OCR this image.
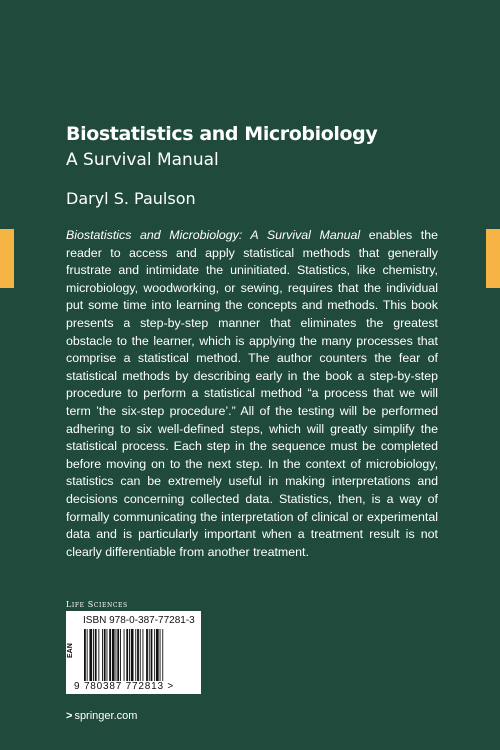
Biostatistics and Microbiology
A Survival Manual
Daryl S. Paulson

Biostatistics and Microbiology: A Survival Manual enables the reader to access and apply statistical methods that generally frustrate and intimidate the uninitiated. Statistics, like chemistry, microbiology, woodworking, or sewing, requires that the individual put some time into learning the concepts and methods. This book presents a step-by-step manner that eliminates the greatest obstacle to the learner, which is applying the many processes that comprise a statistical method. The author counters the fear of statistical methods by describing early in the book a step-by-step procedure to perform a statistical method “a process that we will term ’the six-step procedure’.” All of the testing will be performed adhering to six well-defined steps, which will greatly simplify the statistical process. Each step in the sequence must be completed before moving on to the next step. In the context of microbiology, statistics can be extremely useful in making interpretations and decisions concerning collected data. Statistics, then, is a way of formally communicating the interpretation of clinical or experimental data and is particularly important when a treatment result is not clearly differentiable from another treatment.

Life Sciences
ISBN 978-0-387-77281-3
EAN
9 780387 772813 >
> springer.com
